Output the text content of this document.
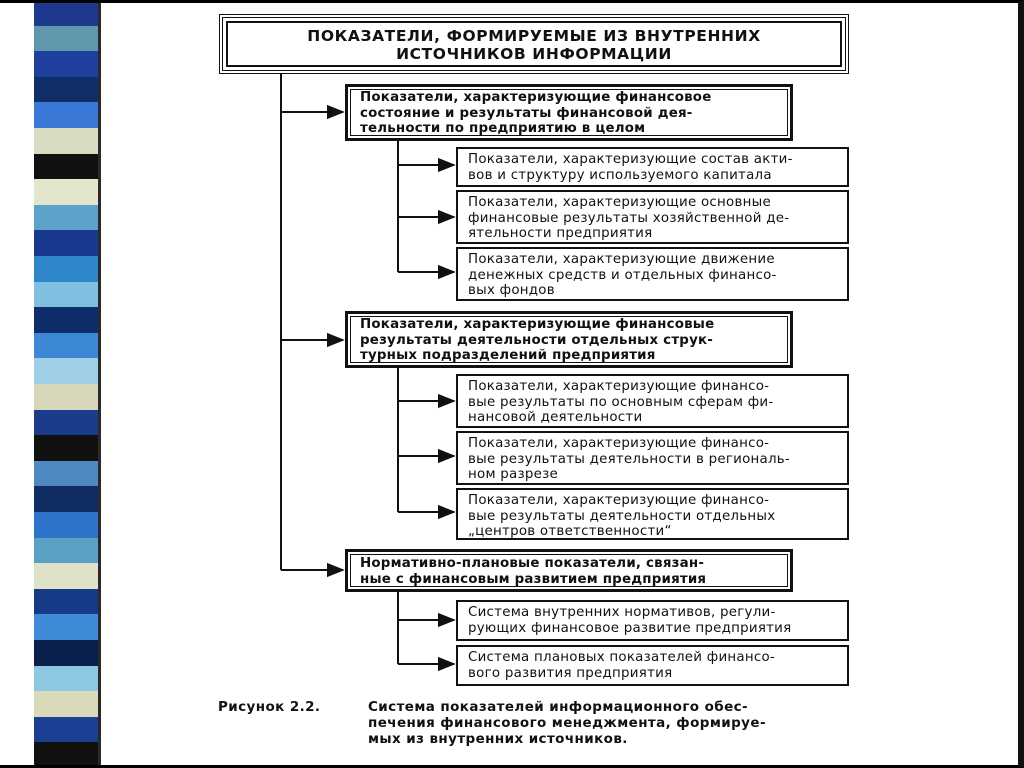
ПОКАЗАТЕЛИ, ФОРМИРУЕМЫЕ ИЗ ВНУТРЕННИХ
ИСТОЧНИКОВ ИНФОРМАЦИИ
Показатели, характеризующие финансовое
состояние и результаты финансовой дея-
тельности по предприятию в целом
Показатели, характеризующие состав акти-
вов и структуру используемого капитала
Показатели, характеризующие основные
финансовые результаты хозяйственной де-
ятельности предприятия
Показатели, характеризующие движение
денежных средств и отдельных финансо-
вых фондов
Показатели, характеризующие финансовые
результаты деятельности отдельных струк-
турных подразделений предприятия
Показатели, характеризующие финансо-
вые результаты по основным сферам фи-
нансовой деятельности
Показатели, характеризующие финансо-
вые результаты деятельности в региональ-
ном разрезе
Показатели, характеризующие финансо-
вые результаты деятельности отдельных
„центров ответственности“
Нормативно-плановые показатели, связан-
ные с финансовым развитием предприятия
Система внутренних нормативов, регули-
рующих финансовое развитие предприятия
Система плановых показателей финансо-
вого развития предприятия
Рисунок 2.2.	Система показателей информационного обес-
печения финансового менеджмента, формируе-
мых из внутренних источников.
